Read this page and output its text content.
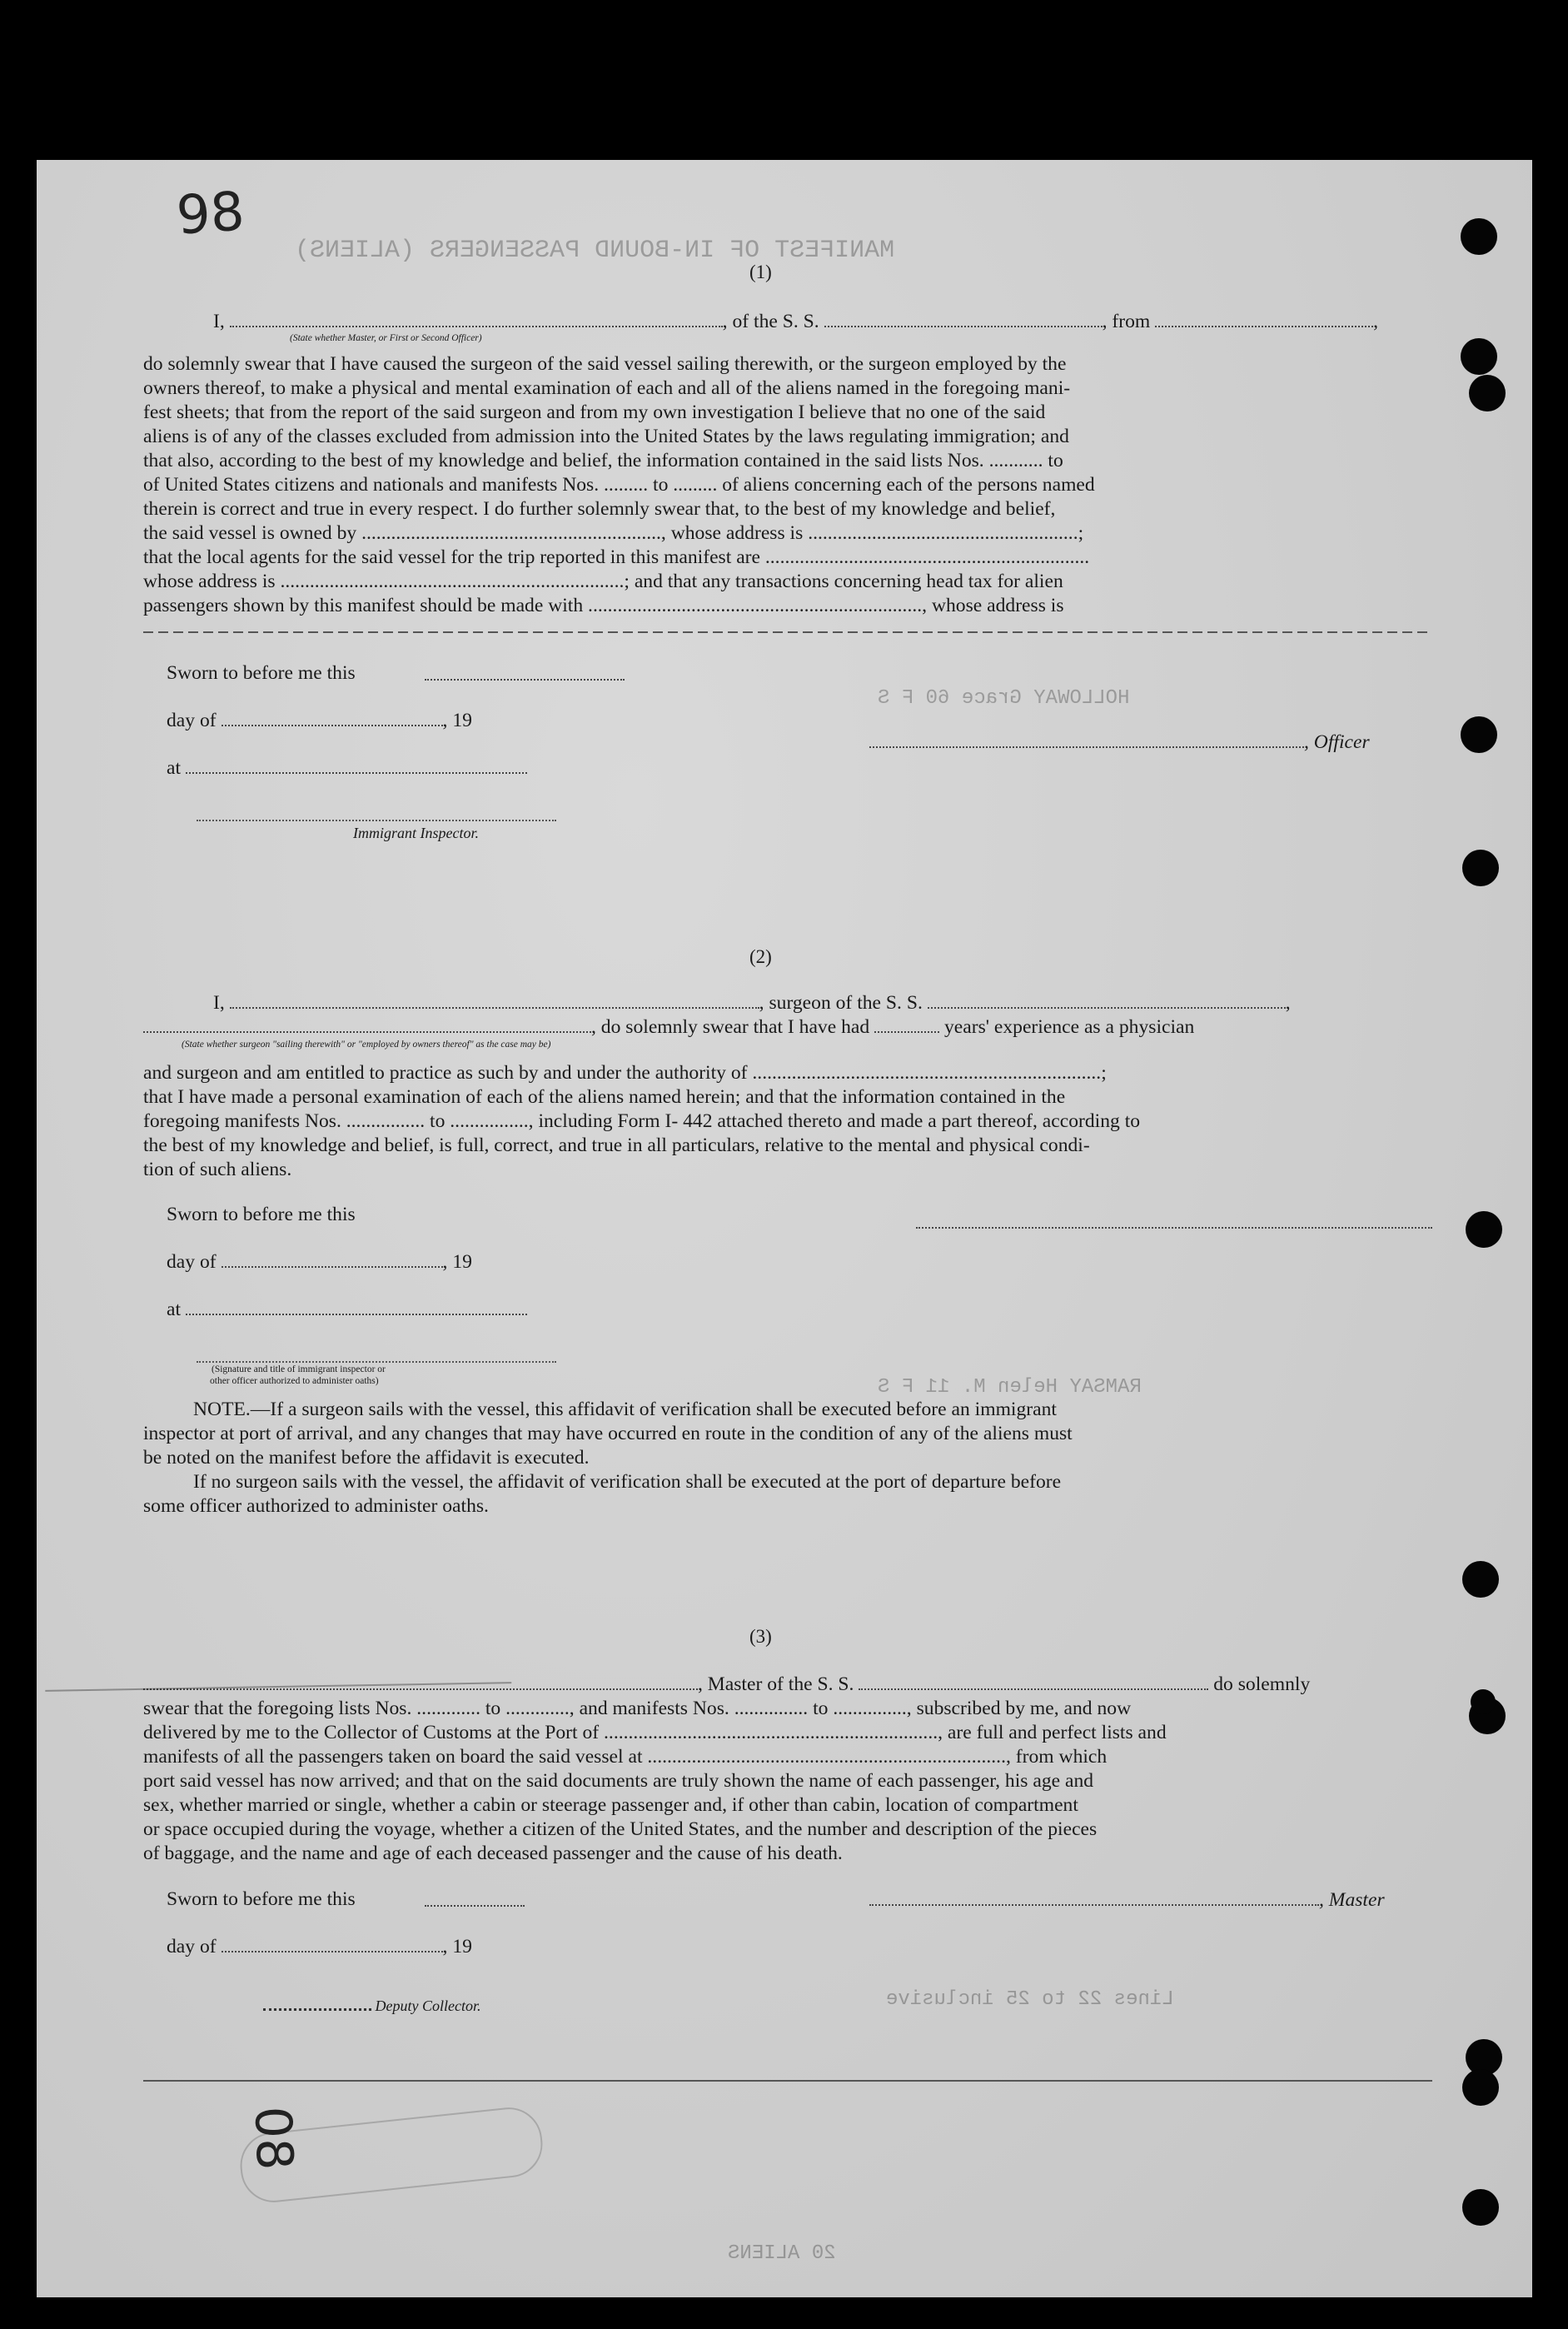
MANIFEST OF IN-BOUND PASSENGERS (ALIENS)
HOLLOWAY Grace 60 F S
RAMSAY Helen M. 11 F S
Lines 22 to 25 inclusive
20 ALIENS
98
(1)
I,	, of the S. S.	, from	,
(State whether Master, or First or Second Officer)
do solemnly swear that I have caused the surgeon of the said vessel sailing therewith, or the surgeon employed by the
owners thereof, to make a physical and mental examination of each and all of the aliens named in the foregoing mani-
fest sheets; that from the report of the said surgeon and from my own investigation I believe that no one of the said
aliens is of any of the classes excluded from admission into the United States by the laws regulating immigration; and
that also, according to the best of my knowledge and belief, the information contained in the said lists Nos. ........... to
of United States citizens and nationals and manifests Nos. ......... to ......... of aliens concerning each of the persons named
therein is correct and true in every respect. I do further solemnly swear that, to the best of my knowledge and belief,
the said vessel is owned by ............................................................., whose address is .......................................................;
that the local agents for the said vessel for the trip reported in this manifest are ..................................................................
whose address is ......................................................................; and that any transactions concerning head tax for alien
passengers shown by this manifest should be made with ...................................................................., whose address is
Sworn to before me this
day of	, 19
, Officer
at
Immigrant Inspector.
(2)
I,	, surgeon of the S. S.	,
, do solemnly swear that I have had	years' experience as a physician
(State whether surgeon "sailing therewith" or "employed by owners thereof" as the case may be)
and surgeon and am entitled to practice as such by and under the authority of .......................................................................;
that I have made a personal examination of each of the aliens named herein; and that the information contained in the
foregoing manifests Nos. ................ to ................, including Form I- 442 attached thereto and made a part thereof, according to
the best of my knowledge and belief, is full, correct, and true in all particulars, relative to the mental and physical condi-
tion of such aliens.
Sworn to before me this
day of	, 19
at
(Signature and title of immigrant inspector or
other officer authorized to administer oaths)
NOTE.—If a surgeon sails with the vessel, this affidavit of verification shall be executed before an immigrant
inspector at port of arrival, and any changes that may have occurred en route in the condition of any of the aliens must
be noted on the manifest before the affidavit is executed.
If no surgeon sails with the vessel, the affidavit of verification shall be executed at the port of departure before
some officer authorized to administer oaths.
(3)
, Master of the S. S.	do solemnly
swear that the foregoing lists Nos. ............. to ............., and manifests Nos. ............... to ..............., subscribed by me, and now
delivered by me to the Collector of Customs at the Port of ...................................................................., are full and perfect lists and
manifests of all the passengers taken on board the said vessel at ........................................................................., from which
port said vessel has now arrived; and that on the said documents are truly shown the name of each passenger, his age and
sex, whether married or single, whether a cabin or steerage passenger and, if other than cabin, location of compartment
or space occupied during the voyage, whether a citizen of the United States, and the number and description of the pieces
of baggage, and the name and age of each deceased passenger and the cause of his death.
Sworn to before me this	, Master
day of	, 19
Deputy Collector.
08
